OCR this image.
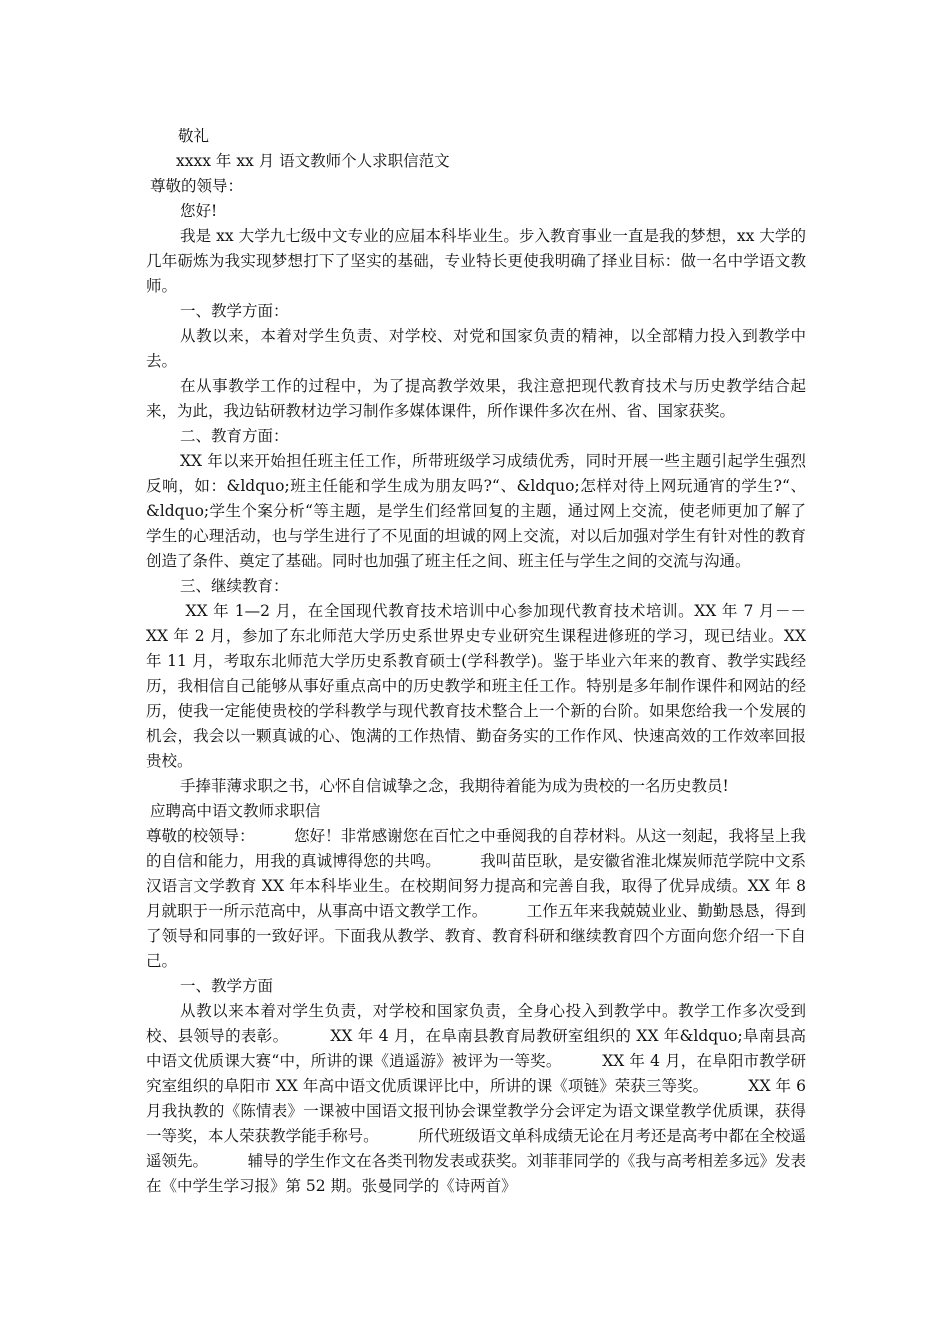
敬礼

xxxx 年 xx 月 语文教师个人求职信范文

尊敬的领导：

您好!

我是 xx 大学九七级中文专业的应届本科毕业生。步入教育事业一直是我的梦想，xx 大学的几年砺炼为我实现梦想打下了坚实的基础，专业特长更使我明确了择业目标：做一名中学语文教师。

一、教学方面：

从教以来，本着对学生负责、对学校、对党和国家负责的精神，以全部精力投入到教学中去。

在从事教学工作的过程中，为了提高教学效果，我注意把现代教育技术与历史教学结合起来，为此，我边钻研教材边学习制作多媒体课件，所作课件多次在州、省、国家获奖。

二、教育方面：

XX 年以来开始担任班主任工作，所带班级学习成绩优秀，同时开展一些主题引起学生强烈反响，如：&ldquo;班主任能和学生成为朋友吗?“、&ldquo;怎样对待上网玩通宵的学生?“、&ldquo;学生个案分析“等主题，是学生们经常回复的主题，通过网上交流，使老师更加了解了学生的心理活动，也与学生进行了不见面的坦诚的网上交流，对以后加强对学生有针对性的教育创造了条件、奠定了基础。同时也加强了班主任之间、班主任与学生之间的交流与沟通。

三、继续教育：

XX 年 1—2 月，在全国现代教育技术培训中心参加现代教育技术培训。XX 年 7 月－－XX 年 2 月，参加了东北师范大学历史系世界史专业研究生课程进修班的学习，现已结业。XX 年 11 月，考取东北师范大学历史系教育硕士(学科教学)。鉴于毕业六年来的教育、教学实践经历，我相信自己能够从事好重点高中的历史教学和班主任工作。特别是多年制作课件和网站的经历，使我一定能使贵校的学科教学与现代教育技术整合上一个新的台阶。如果您给我一个发展的机会，我会以一颗真诚的心、饱满的工作热情、勤奋务实的工作作风、快速高效的工作效率回报贵校。

手捧菲薄求职之书，心怀自信诚挚之念，我期待着能为成为贵校的一名历史教员!

应聘高中语文教师求职信

尊敬的校领导：        您好！非常感谢您在百忙之中垂阅我的自荐材料。从这一刻起，我将呈上我的自信和能力，用我的真诚博得您的共鸣。        我叫苗臣耿，是安徽省淮北煤炭师范学院中文系汉语言文学教育 XX 年本科毕业生。在校期间努力提高和完善自我，取得了优异成绩。XX 年 8 月就职于一所示范高中，从事高中语文教学工作。        工作五年来我兢兢业业、勤勤恳恳，得到了领导和同事的一致好评。下面我从教学、教育、教育科研和继续教育四个方面向您介绍一下自己。

一、教学方面

从教以来本着对学生负责，对学校和国家负责，全身心投入到教学中。教学工作多次受到校、县领导的表彰。        XX 年 4 月，在阜南县教育局教研室组织的 XX 年&ldquo;阜南县高中语文优质课大赛“中，所讲的课《逍遥游》被评为一等奖。        XX 年 4 月，在阜阳市教学研究室组织的阜阳市 XX 年高中语文优质课评比中，所讲的课《项链》荣获三等奖。        XX 年 6 月我执教的《陈情表》一课被中国语文报刊协会课堂教学分会评定为语文课堂教学优质课，获得一等奖，本人荣获教学能手称号。        所代班级语文单科成绩无论在月考还是高考中都在全校遥遥领先。        辅导的学生作文在各类刊物发表或获奖。刘菲菲同学的《我与高考相差多远》发表在《中学生学习报》第 52 期。张曼同学的《诗两首》
